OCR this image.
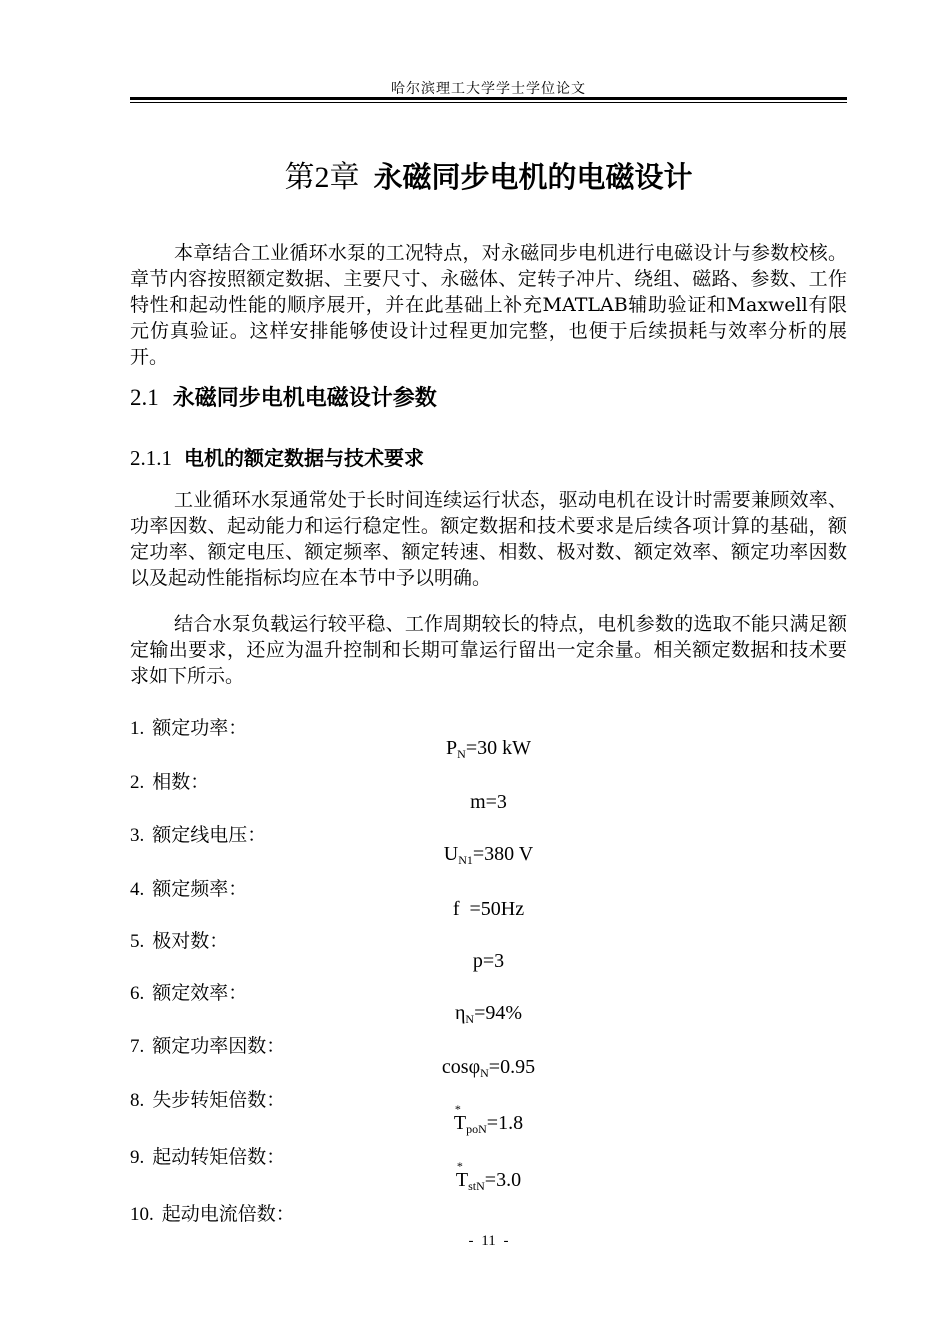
哈尔滨理工大学学士学位论文
第2章 永磁同步电机的电磁设计

本章结合工业循环水泵的工况特点，对永磁同步电机进行电磁设计与参数校核。章节内容按照额定数据、主要尺寸、永磁体、定转子冲片、绕组、磁路、参数、工作特性和起动性能的顺序展开，并在此基础上补充MATLAB辅助验证和Maxwell有限元仿真验证。这样安排能够使设计过程更加完整，也便于后续损耗与效率分析的展开。

2.1 永磁同步电机电磁设计参数
2.1.1 电机的额定数据与技术要求

工业循环水泵通常处于长时间连续运行状态，驱动电机在设计时需要兼顾效率、功率因数、起动能力和运行稳定性。额定数据和技术要求是后续各项计算的基础，额定功率、额定电压、额定频率、额定转速、相数、极对数、额定效率、额定功率因数以及起动性能指标均应在本节中予以明确。

结合水泵负载运行较平稳、工作周期较长的特点，电机参数的选取不能只满足额定输出要求，还应为温升控制和长期可靠运行留出一定余量。相关额定数据和技术要求如下所示。

1. 额定功率：
$P_N=30$ kW
2. 相数：
m=3
3. 额定线电压：
$U_{N1}=380$ V
4. 额定频率：
f  =50Hz
5. 极对数：
p=3
6. 额定效率：
$\eta_N=94\%$
7. 额定功率因数：
cosφ$_N$=0.95
8. 失步转矩倍数：
T
*
$_{poN}$=1.8
9. 起动转矩倍数：
T
*
$_{stN}$=3.0
10. 起动电流倍数：
- 11 -
